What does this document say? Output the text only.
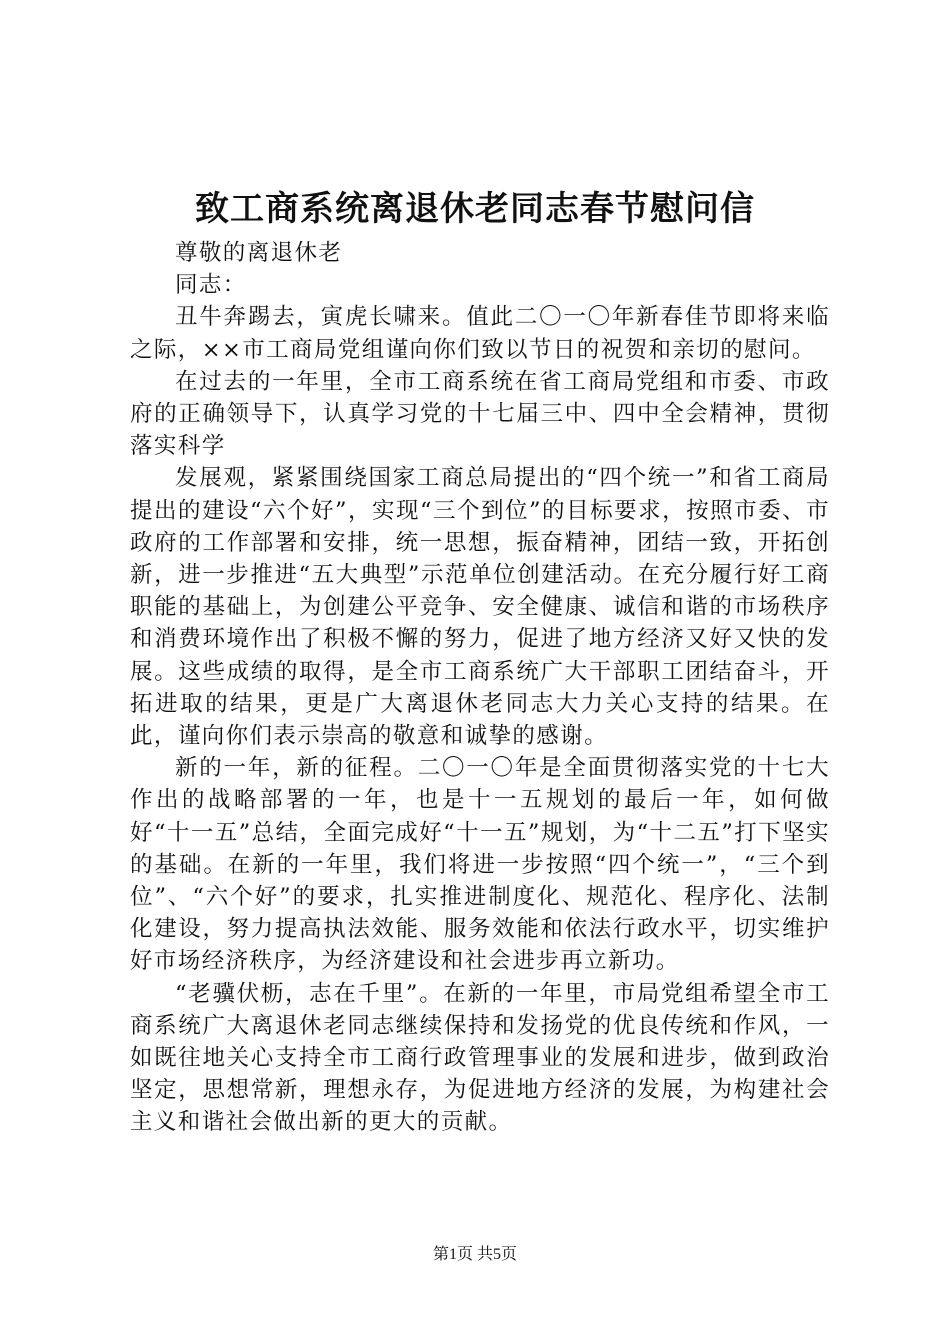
致工商系统离退休老同志春节慰问信

尊敬的离退休老

同志：

丑牛奔踢去，寅虎长啸来。值此二〇一〇年新春佳节即将来临之际，××市工商局党组谨向你们致以节日的祝贺和亲切的慰问。

在过去的一年里，全市工商系统在省工商局党组和市委、市政府的正确领导下，认真学习党的十七届三中、四中全会精神，贯彻落实科学

发展观，紧紧围绕国家工商总局提出的“四个统一”和省工商局提出的建设“六个好”，实现“三个到位”的目标要求，按照市委、市政府的工作部署和安排，统一思想，振奋精神，团结一致，开拓创新，进一步推进“五大典型”示范单位创建活动。在充分履行好工商职能的基础上，为创建公平竞争、安全健康、诚信和谐的市场秩序和消费环境作出了积极不懈的努力，促进了地方经济又好又快的发展。这些成绩的取得，是全市工商系统广大干部职工团结奋斗，开拓进取的结果，更是广大离退休老同志大力关心支持的结果。在此，谨向你们表示崇高的敬意和诚挚的感谢。

新的一年，新的征程。二〇一〇年是全面贯彻落实党的十七大作出的战略部署的一年，也是十一五规划的最后一年，如何做好“十一五”总结，全面完成好“十一五”规划，为“十二五”打下坚实的基础。在新的一年里，我们将进一步按照“四个统一”，“三个到位”、“六个好”的要求，扎实推进制度化、规范化、程序化、法制化建设，努力提高执法效能、服务效能和依法行政水平，切实维护好市场经济秩序，为经济建设和社会进步再立新功。

“老骥伏枥，志在千里”。在新的一年里，市局党组希望全市工商系统广大离退休老同志继续保持和发扬党的优良传统和作风，一如既往地关心支持全市工商行政管理事业的发展和进步，做到政治坚定，思想常新，理想永存，为促进地方经济的发展，为构建社会主义和谐社会做出新的更大的贡献。

第1页 共5页
